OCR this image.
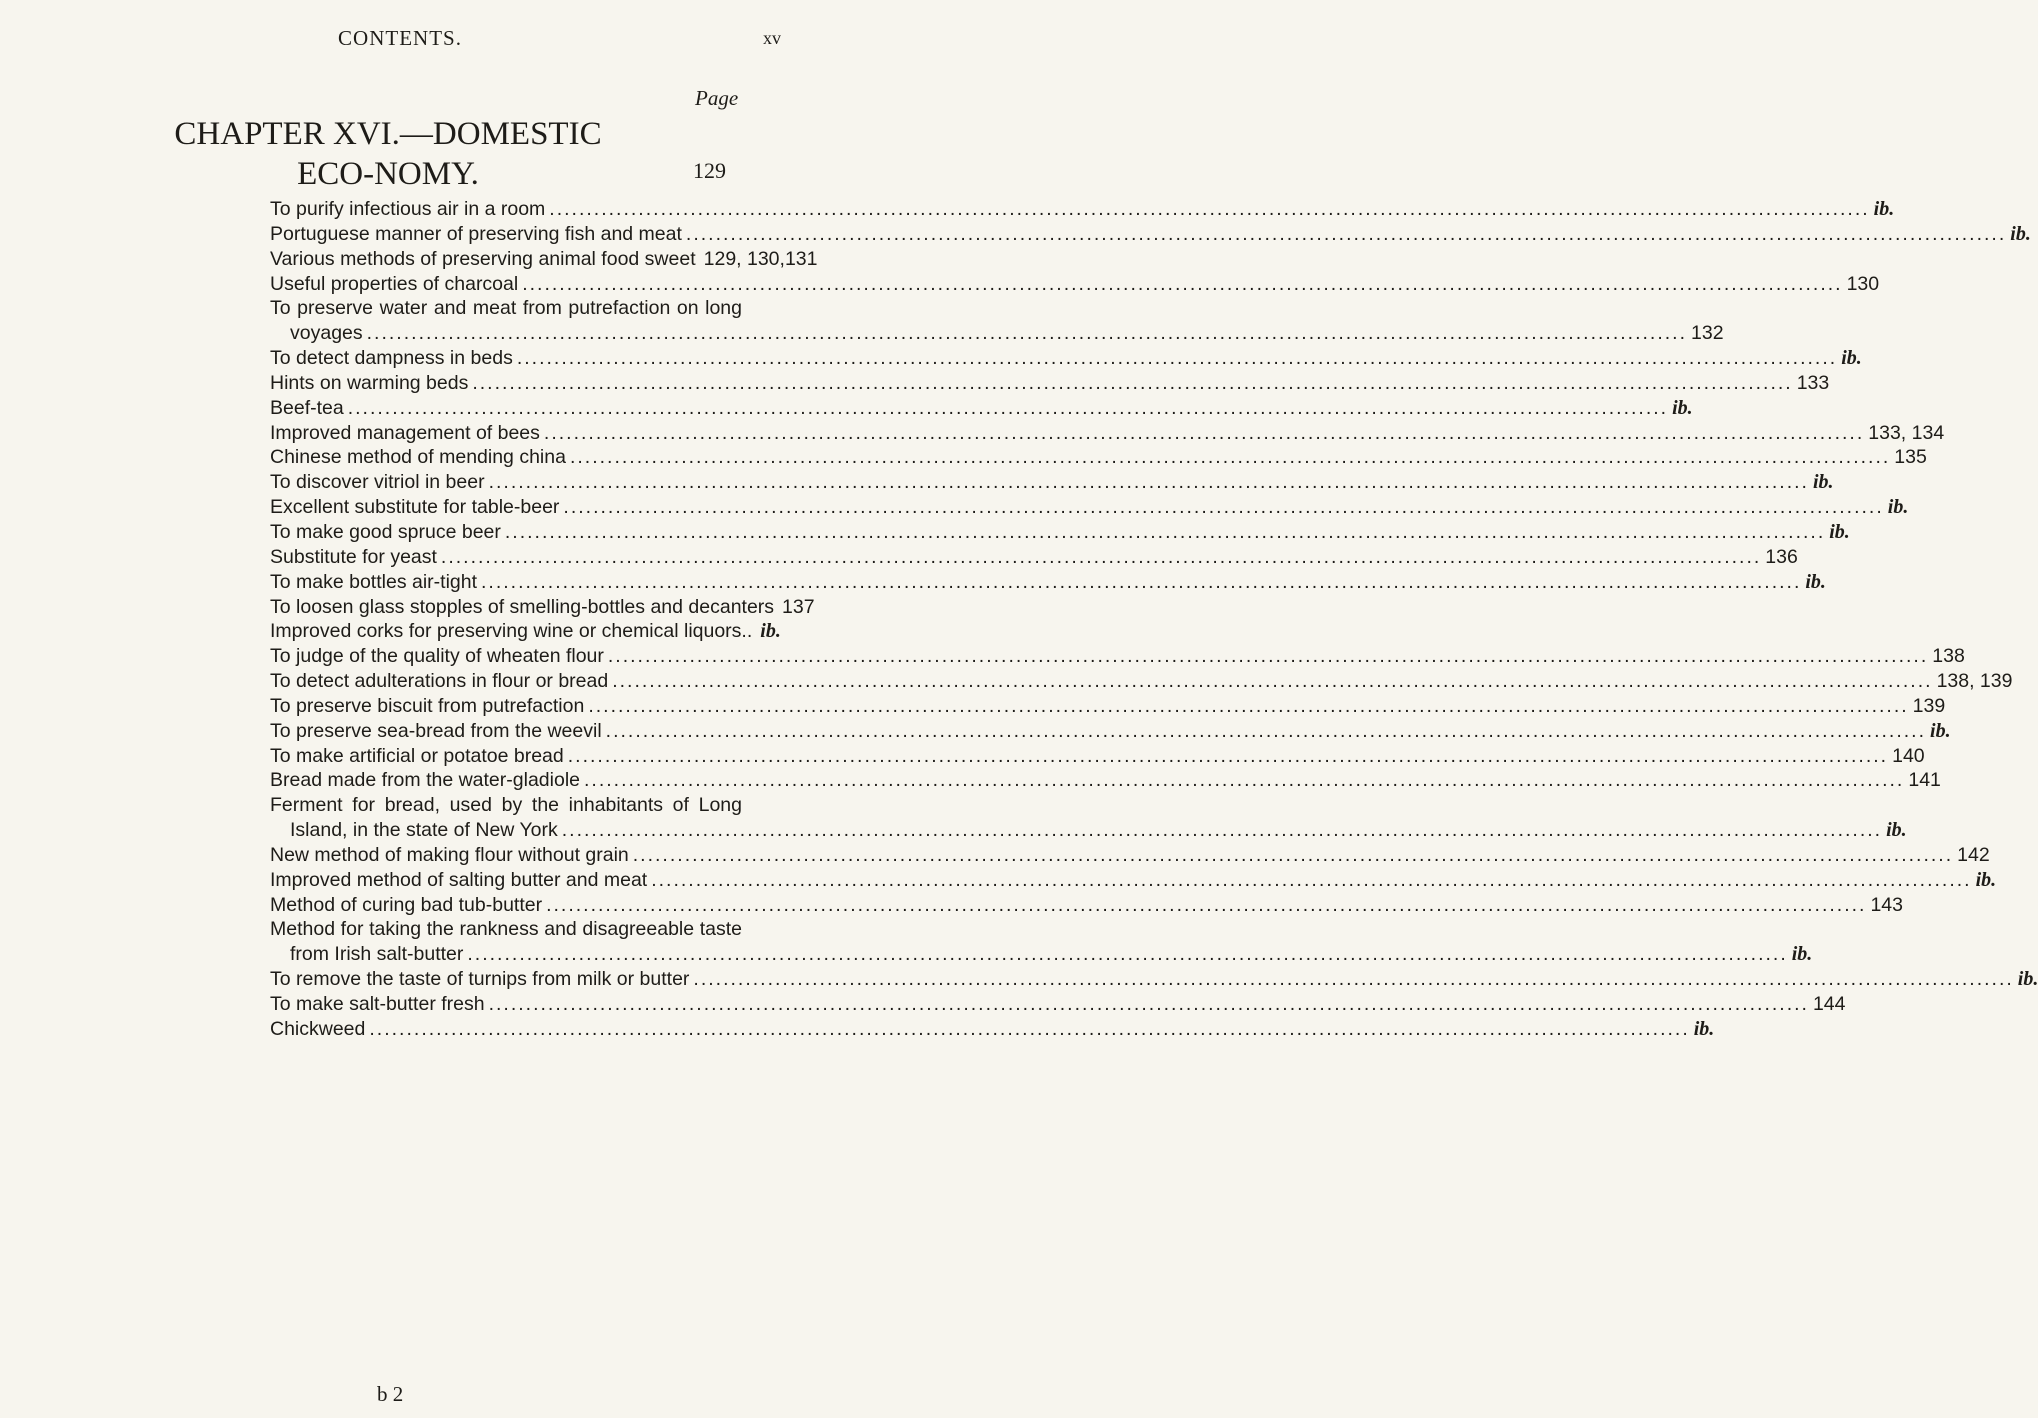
CONTENTS.	xv
Page
CHAPTER XVI.—DOMESTIC ECO-NOMY.	129
To purify infectious air in a room .....	ib.
Portuguese manner of preserving fish and meat .....	ib.
Various methods of preserving animal food sweet 129, 130,131
Useful properties of charcoal .....	130
To preserve water and meat from putrefaction on long
voyages .....	132
To detect dampness in beds .....	ib.
Hints on warming beds .....	133
Beef-tea .....	ib.
Improved management of bees .....	133, 134
Chinese method of mending china .....	135
To discover vitriol in beer .....	ib.
Excellent substitute for table-beer .....	ib.
To make good spruce beer .....	ib.
Substitute for yeast .....	136
To make bottles air-tight .....	ib.
To loosen glass stopples of smelling-bottles and decanters 137
Improved corks for preserving wine or chemical liquors.. ib.
To judge of the quality of wheaten flour .....	138
To detect adulterations in flour or bread .....	138, 139
To preserve biscuit from putrefaction .....	139
To preserve sea-bread from the weevil .....	ib.
To make artificial or potatoe bread .....	140
Bread made from the water-gladiole .....	141
Ferment for bread, used by the inhabitants of Long
Island, in the state of New York .....	ib.
New method of making flour without grain .....	142
Improved method of salting butter and meat .....	ib.
Method of curing bad tub-butter .....	143
Method for taking the rankness and disagreeable taste
from Irish salt-butter .....	ib.
To remove the taste of turnips from milk or butter .....	ib.
To make salt-butter fresh .....	144
Chickweed .....	ib.
b 2
